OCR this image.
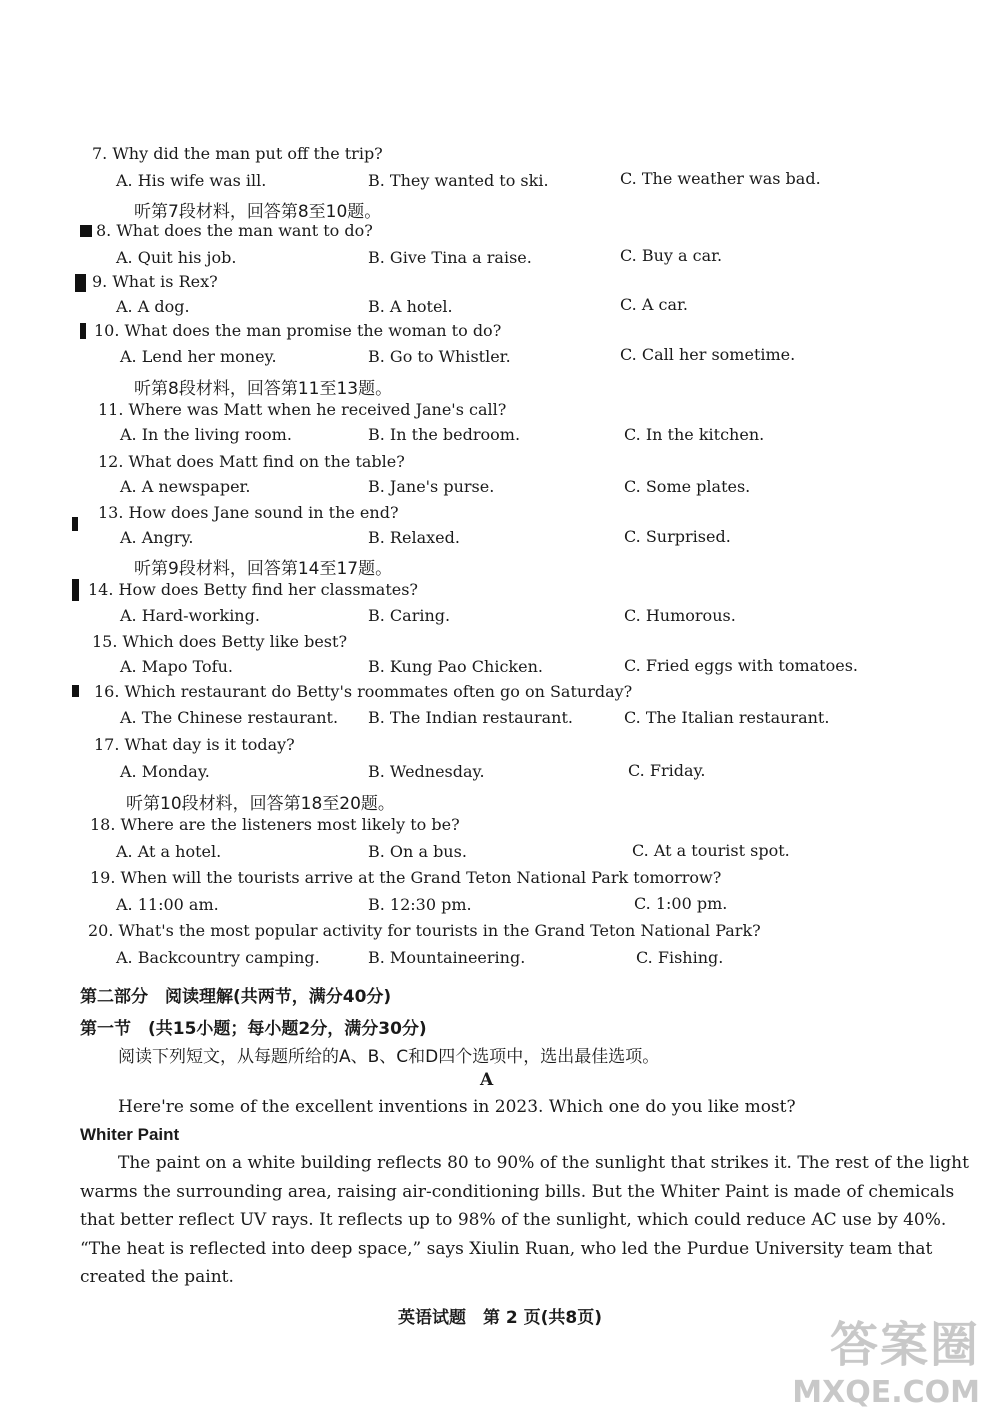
7. Why did the man put off the trip?
A. His wife was ill.	B. They wanted to ski.	C. The weather was bad.
听第7段材料，回答第8至10题。
8. What does the man want to do?
A. Quit his job.	B. Give Tina a raise.	C. Buy a car.
9. What is Rex?
A. A dog.	B. A hotel.	C. A car.
10. What does the man promise the woman to do?
A. Lend her money.	B. Go to Whistler.	C. Call her sometime.
听第8段材料，回答第11至13题。
11. Where was Matt when he received Jane's call?
A. In the living room.	B. In the bedroom.	C. In the kitchen.
12. What does Matt find on the table?
A. A newspaper.	B. Jane's purse.	C. Some plates.
13. How does Jane sound in the end?
A. Angry.	B. Relaxed.	C. Surprised.
听第9段材料，回答第14至17题。
14. How does Betty find her classmates?
A. Hard-working.	B. Caring.	C. Humorous.
15. Which does Betty like best?
A. Mapo Tofu.	B. Kung Pao Chicken.	C. Fried eggs with tomatoes.
16. Which restaurant do Betty's roommates often go on Saturday?
A. The Chinese restaurant. B. The Indian restaurant.	C. The Italian restaurant.
17. What day is it today?
A. Monday.	B. Wednesday.	C. Friday.
听第10段材料，回答第18至20题。
18. Where are the listeners most likely to be?
A. At a hotel.	B. On a bus.	C. At a tourist spot.
19. When will the tourists arrive at the Grand Teton National Park tomorrow?
A. 11:00 am.	B. 12:30 pm.	C. 1:00 pm.
20. What's the most popular activity for tourists in the Grand Teton National Park?
A. Backcountry camping.	B. Mountaineering.	C. Fishing.
第二部分　阅读理解(共两节，满分40分)
第一节　(共15小题；每小题2分，满分30分)
阅读下列短文，从每题所给的A、B、C和D四个选项中，选出最佳选项。
A
Here're some of the excellent inventions in 2023. Which one do you like most?
Whiter Paint
The paint on a white building reflects 80 to 90% of the sunlight that strikes it. The rest of the light
warms the surrounding area, raising air-conditioning bills. But the Whiter Paint is made of chemicals
that better reflect UV rays. It reflects up to 98% of the sunlight, which could reduce AC use by 40%.
“The heat is reflected into deep space,” says Xiulin Ruan, who led the Purdue University team that
created the paint.
英语试题　第 2 页(共8页)	答案圈
MXQE.COM
